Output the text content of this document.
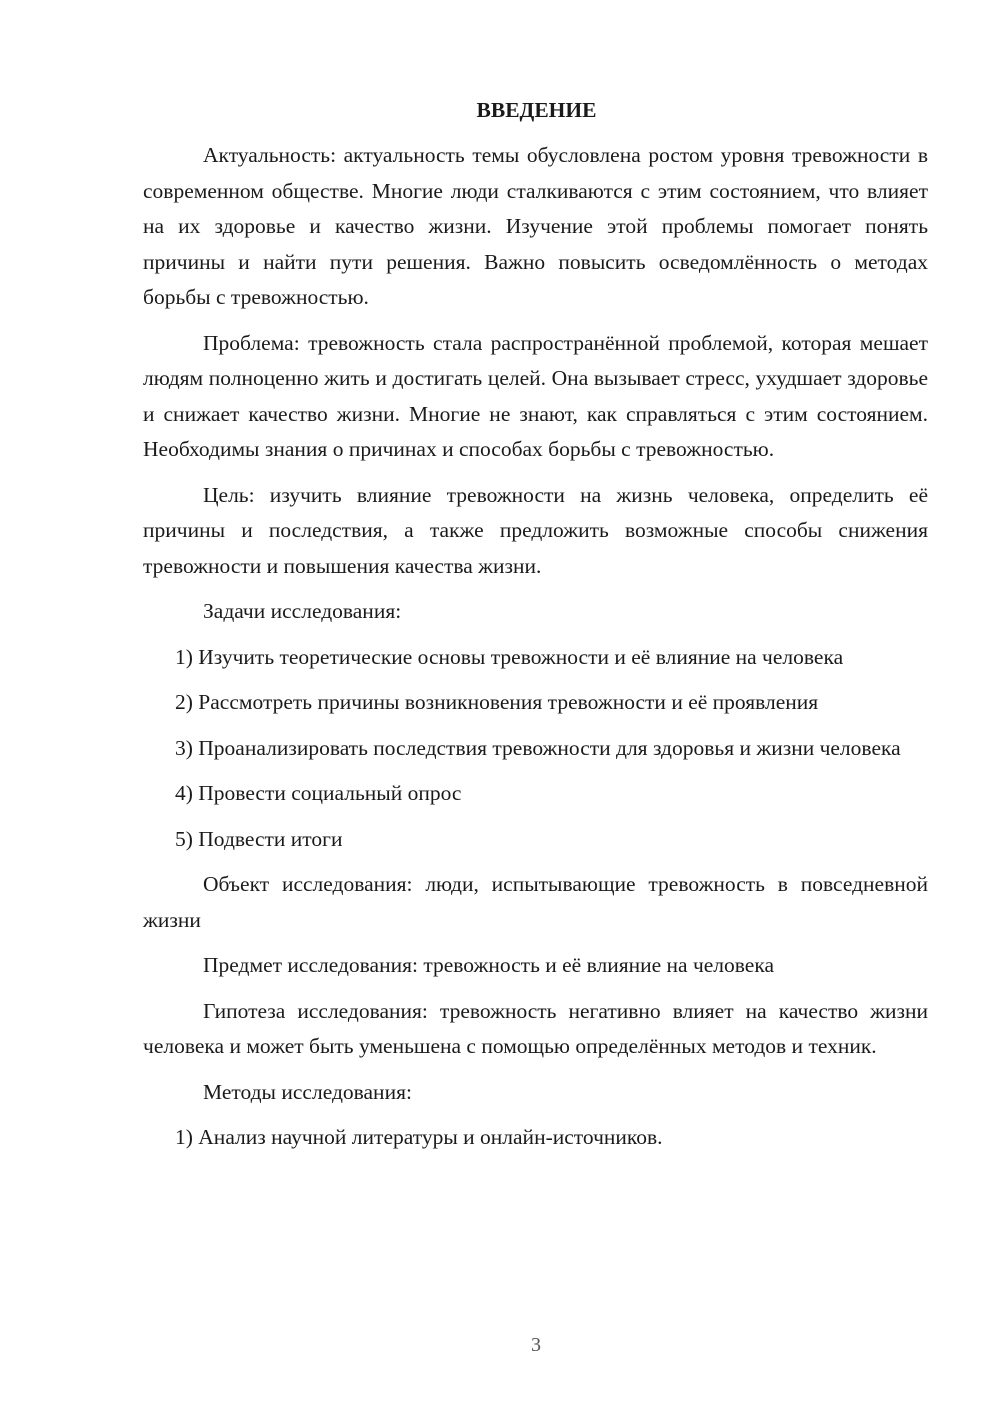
ВВЕДЕНИЕ

Актуальность: актуальность темы обусловлена ростом уровня тревожности в современном обществе. Многие люди сталкиваются с этим состоянием, что влияет на их здоровье и качество жизни. Изучение этой проблемы помогает понять причины и найти пути решения. Важно повысить осведомлённость о методах борьбы с тревожностью.

Проблема: тревожность стала распространённой проблемой, которая мешает людям полноценно жить и достигать целей. Она вызывает стресс, ухудшает здоровье и снижает качество жизни. Многие не знают, как справляться с этим состоянием. Необходимы знания о причинах и способах борьбы с тревожностью.

Цель: изучить влияние тревожности на жизнь человека, определить её причины и последствия, а также предложить возможные способы снижения тревожности и повышения качества жизни.

Задачи исследования:

1) Изучить теоретические основы тревожности и её влияние на человека

2) Рассмотреть причины возникновения тревожности и её проявления

3) Проанализировать последствия тревожности для здоровья и жизни человека

4) Провести социальный опрос

5) Подвести итоги

Объект исследования: люди, испытывающие тревожность в повседневной жизни

Предмет исследования: тревожность и её влияние на человека

Гипотеза исследования: тревожность негативно влияет на качество жизни человека и может быть уменьшена с помощью определённых методов и техник.

Методы исследования:

1) Анализ научной литературы и онлайн-источников.

3
